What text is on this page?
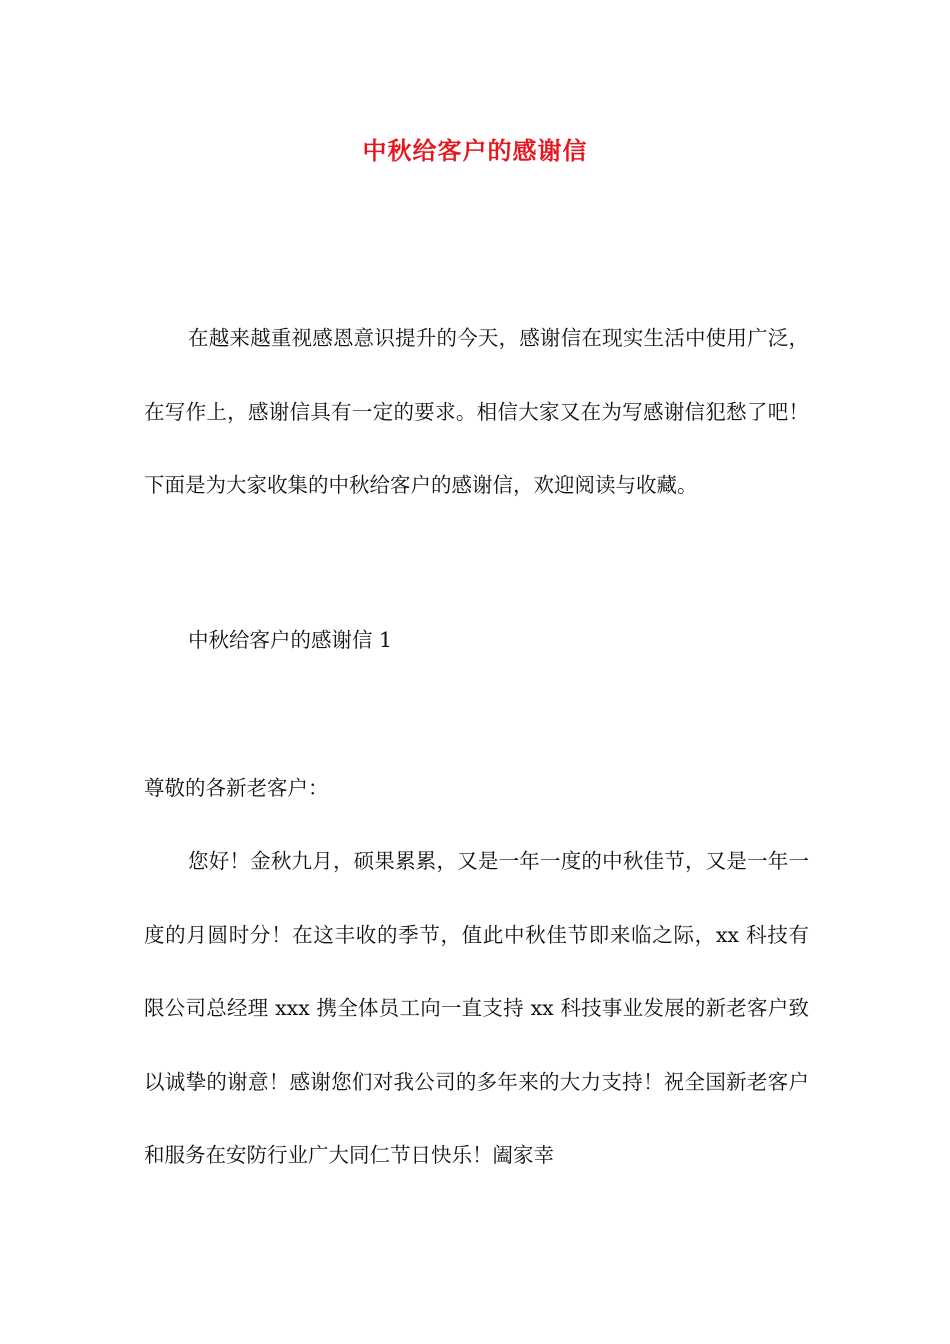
中秋给客户的感谢信

在越来越重视感恩意识提升的今天，感谢信在现实生活中使用广泛，在写作上，感谢信具有一定的要求。相信大家又在为写感谢信犯愁了吧！下面是为大家收集的中秋给客户的感谢信，欢迎阅读与收藏。

中秋给客户的感谢信 1

尊敬的各新老客户：

您好！金秋九月，硕果累累，又是一年一度的中秋佳节，又是一年一度的月圆时分！在这丰收的季节，值此中秋佳节即来临之际，xx 科技有限公司总经理 xxx 携全体员工向一直支持 xx 科技事业发展的新老客户致以诚挚的谢意！感谢您们对我公司的多年来的大力支持！祝全国新老客户和服务在安防行业广大同仁节日快乐！阖家幸
